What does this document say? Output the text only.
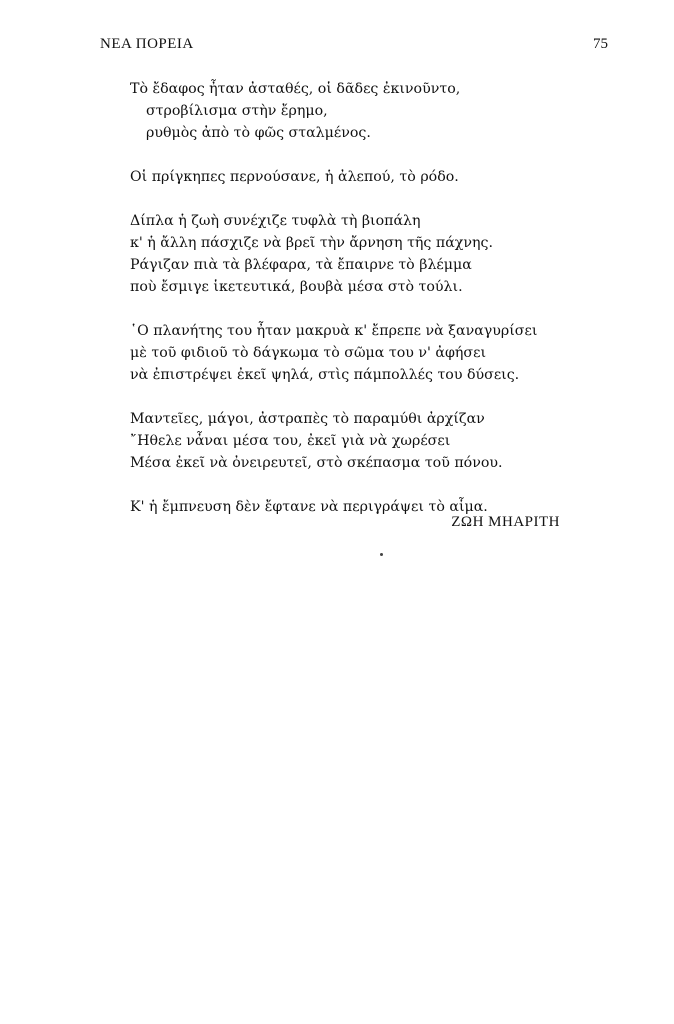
ΝΕΑ ΠΟΡΕΙΑ	75
Τὸ ἔδαφος ἦταν ἀσταθές, οἱ δᾶδες ἐκινοῦντο,
στροβίλισμα στὴν ἔρημο,
ρυθμὸς ἀπὸ τὸ φῶς σταλμένος.
Οἱ πρίγκηπες περνούσανε, ἡ ἀλεπού, τὸ ρόδο.
Δίπλα ἡ ζωὴ συνέχιζε τυφλὰ τὴ βιοπάλη
κ' ἡ ἄλλη πάσχιζε νὰ βρεῖ τὴν ἄρνηση τῆς πάχνης.
Ράγιζαν πιὰ τὰ βλέφαρα, τὰ ἔπαιρνε τὸ βλέμμα
ποὺ ἔσμιγε ἱκετευτικά, βουβὰ μέσα στὸ τούλι.
῾Ο πλανήτης του ἦταν μακρυὰ κ' ἔπρεπε νὰ ξαναγυρίσει
μὲ τοῦ φιδιοῦ τὸ δάγκωμα τὸ σῶμα του ν' ἀφήσει
νὰ ἐπιστρέψει ἐκεῖ ψηλά, στὶς πάμπολλές του δύσεις.
Μαντεῖες, μάγοι, ἀστραπὲς τὸ παραμύθι ἀρχίζαν
῎Ηθελε νἆναι μέσα του, ἐκεῖ γιὰ νὰ χωρέσει
Μέσα ἐκεῖ νὰ ὀνειρευτεῖ, στὸ σκέπασμα τοῦ πόνου.
Κ' ἡ ἔμπνευση δὲν ἔφτανε νὰ περιγράψει τὸ αἷμα.
ΖΩΗ ΜΗΑΡΙΤΗ
